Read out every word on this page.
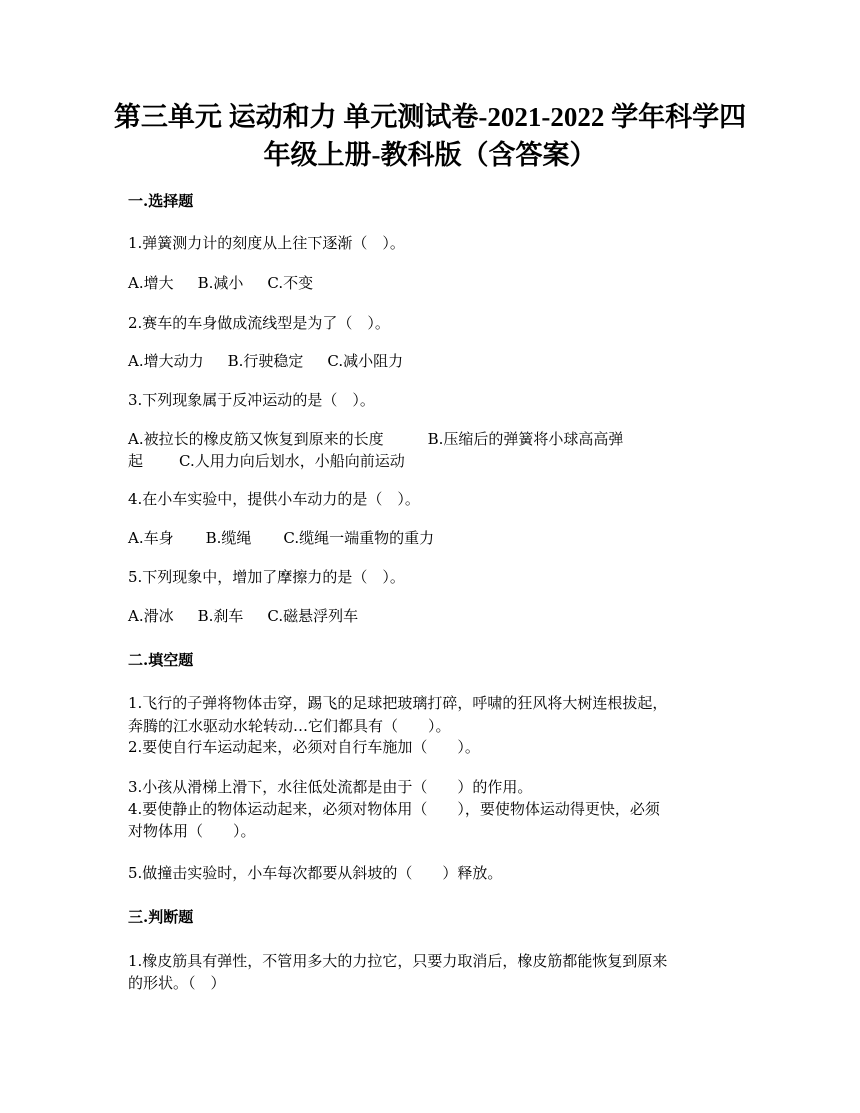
第三单元 运动和力 单元测试卷-2021-2022 学年科学四
年级上册-教科版（含答案）
一.选择题
1.弹簧测力计的刻度从上往下逐渐（　）。
A.增大 B.减小 C.不变
2.赛车的车身做成流线型是为了（　）。
A.增大动力 B.行驶稳定 C.减小阻力
3.下列现象属于反冲运动的是（　）。
A.被拉长的橡皮筋又恢复到原来的长度	B.压缩后的弹簧将小球高高弹
起 C.人用力向后划水，小船向前运动
4.在小车实验中，提供小车动力的是（　）。
A.车身 B.缆绳 C.缆绳一端重物的重力
5.下列现象中，增加了摩擦力的是（　）。
A.滑冰 B.刹车 C.磁悬浮列车
二.填空题
1.飞行的子弹将物体击穿，踢飞的足球把玻璃打碎，呼啸的狂风将大树连根拔起，
奔腾的江水驱动水轮转动…它们都具有（　　）。
2.要使自行车运动起来，必须对自行车施加（　　）。
3.小孩从滑梯上滑下，水往低处流都是由于（　　）的作用。
4.要使静止的物体运动起来，必须对物体用（　　），要使物体运动得更快，必须
对物体用（　　）。
5.做撞击实验时，小车每次都要从斜坡的（　　）释放。
三.判断题
1.橡皮筋具有弹性，不管用多大的力拉它，只要力取消后，橡皮筋都能恢复到原来
的形状。（　）
